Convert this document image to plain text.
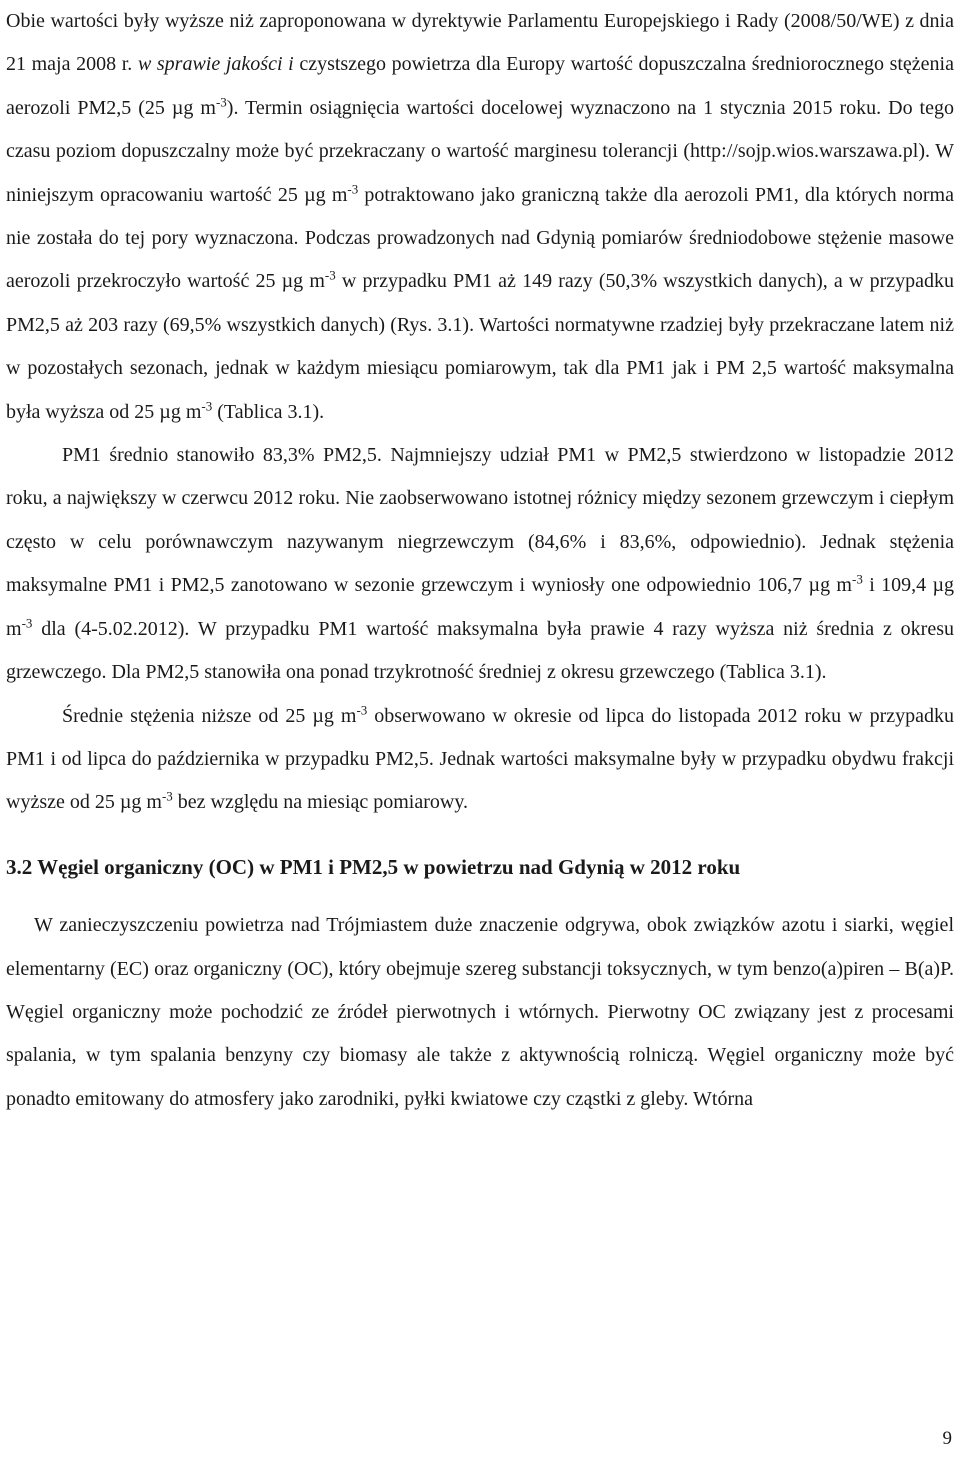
Obie wartości były wyższe niż zaproponowana w dyrektywie Parlamentu Europejskiego i Rady (2008/50/WE) z dnia 21 maja 2008 r. w sprawie jakości i czystszego powietrza dla Europy wartość dopuszczalna średniorocznego stężenia aerozoli PM2,5 (25 µg $m^{-3}$). Termin osiągnięcia wartości docelowej wyznaczono na 1 stycznia 2015 roku. Do tego czasu poziom dopuszczalny może być przekraczany o wartość marginesu tolerancji (http://sojp.wios.warszawa.pl). W niniejszym opracowaniu wartość 25 µg $m^{-3}$ potraktowano jako graniczną także dla aerozoli PM1, dla których norma nie została do tej pory wyznaczona. Podczas prowadzonych nad Gdynią pomiarów średniodobowe stężenie masowe aerozoli przekroczyło wartość 25 µg $m^{-3}$ w przypadku PM1 aż 149 razy (50,3% wszystkich danych), a w przypadku PM2,5 aż 203 razy (69,5% wszystkich danych) (Rys. 3.1). Wartości normatywne rzadziej były przekraczane latem niż w pozostałych sezonach, jednak w każdym miesiącu pomiarowym, tak dla PM1 jak i PM 2,5 wartość maksymalna była wyższa od 25 µg $m^{-3}$ (Tablica 3.1).

PM1 średnio stanowiło 83,3% PM2,5. Najmniejszy udział PM1 w PM2,5 stwierdzono w listopadzie 2012 roku, a największy w czerwcu 2012 roku. Nie zaobserwowano istotnej różnicy między sezonem grzewczym i ciepłym często w celu porównawczym nazywanym niegrzewczym (84,6% i 83,6%, odpowiednio). Jednak stężenia maksymalne PM1 i PM2,5 zanotowano w sezonie grzewczym i wyniosły one odpowiednio 106,7 µg $m^{-3}$ i 109,4 µg $m^{-3}$ dla (4-5.02.2012). W przypadku PM1 wartość maksymalna była prawie 4 razy wyższa niż średnia z okresu grzewczego. Dla PM2,5 stanowiła ona ponad trzykrotność średniej z okresu grzewczego (Tablica 3.1).

Średnie stężenia niższe od 25 µg $m^{-3}$ obserwowano w okresie od lipca do listopada 2012 roku w przypadku PM1 i od lipca do października w przypadku PM2,5. Jednak wartości maksymalne były w przypadku obydwu frakcji wyższe od 25 µg $m^{-3}$ bez względu na miesiąc pomiarowy.

3.2 Węgiel organiczny (OC) w PM1 i PM2,5 w powietrzu nad Gdynią w 2012 roku

W zanieczyszczeniu powietrza nad Trójmiastem duże znaczenie odgrywa, obok związków azotu i siarki, węgiel elementarny (EC) oraz organiczny (OC), który obejmuje szereg substancji toksycznych, w tym benzo(a)piren – B(a)P. Węgiel organiczny może pochodzić ze źródeł pierwotnych i wtórnych. Pierwotny OC związany jest z procesami spalania, w tym spalania benzyny czy biomasy ale także z aktywnością rolniczą. Węgiel organiczny może być ponadto emitowany do atmosfery jako zarodniki, pyłki kwiatowe czy cząstki z gleby. Wtórna

9
